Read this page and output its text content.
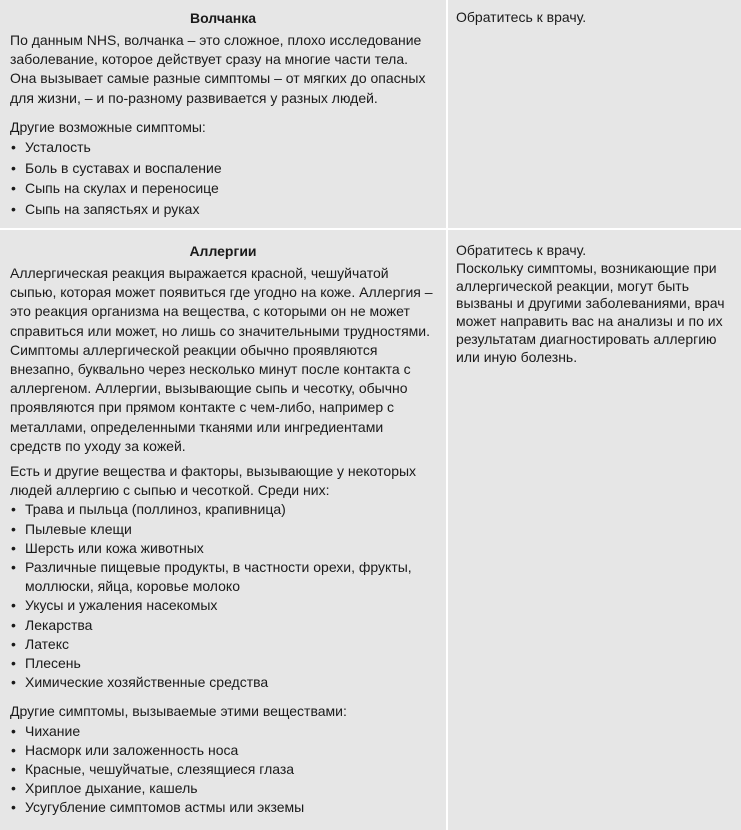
Волчанка

По данным NHS, волчанка – это сложное, плохо исследование заболевание, которое действует сразу на многие части тела. Она вызывает самые разные симптомы – от мягких до опасных для жизни, – и по-разному развивается у разных людей.

Другие возможные симптомы:

• Усталость
• Боль в суставах и воспаление
• Сыпь на скулах и переносице
• Сыпь на запястьях и руках

Обратитесь к врачу.

Аллергии

Аллергическая реакция выражается красной, чешуйчатой сыпью, которая может появиться где угодно на коже. Аллергия – это реакция организма на вещества, с которыми он не может справиться или может, но лишь со значительными трудностями. Симптомы аллергической реакции обычно проявляются внезапно, буквально через несколько минут после контакта с аллергеном. Аллергии, вызывающие сыпь и чесотку, обычно проявляются при прямом контакте с чем-либо, например с металлами, определенными тканями или ингредиентами средств по уходу за кожей.

Есть и другие вещества и факторы, вызывающие у некоторых людей аллергию с сыпью и чесоткой. Среди них:

• Трава и пыльца (поллиноз, крапивница)
• Пылевые клещи
• Шерсть или кожа животных
• Различные пищевые продукты, в частности орехи, фрукты, моллюски, яйца, коровье молоко
• Укусы и ужаления насекомых
• Лекарства
• Латекс
• Плесень
• Химические хозяйственные средства

Другие симптомы, вызываемые этими веществами:

• Чихание
• Насморк или заложенность носа
• Красные, чешуйчатые, слезящиеся глаза
• Хриплое дыхание, кашель
• Усугубление симптомов астмы или экземы

Обратитесь к врачу.

Поскольку симптомы, возникающие при аллергической реакции, могут быть вызваны и другими заболеваниями, врач может направить вас на анализы и по их результатам диагностировать аллергию или иную болезнь.
